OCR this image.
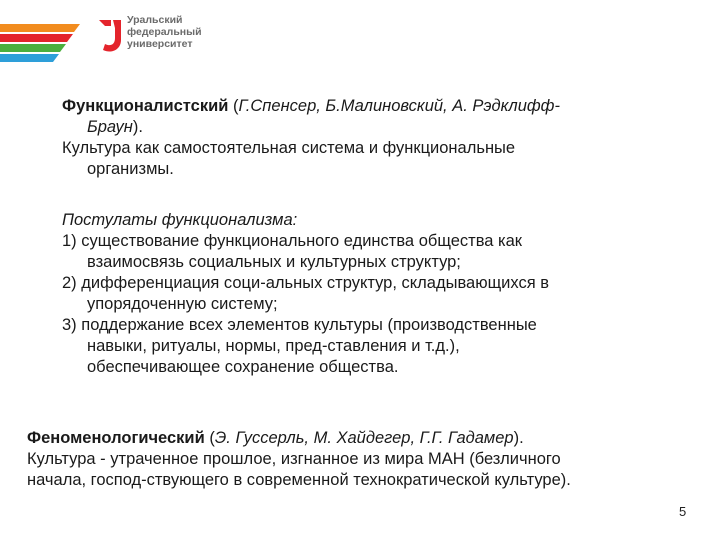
Уральский
федеральный
университет
Функционалистский (Г.Спенсер, Б.Малиновский, А. Рэдклифф-
Браун).
Культура как самостоятельная система и функциональные
организмы.
Постулаты функционализма:
1) существование функционального единства общества как
взаимосвязь социальных и культурных структур;
2) дифференциация соци-альных структур, складывающихся в
упорядоченную систему;
3) поддержание всех элементов культуры (производственные
навыки, ритуалы, нормы, пред-ставления и т.д.),
обеспечивающее сохранение общества.
Феноменологический (Э. Гуссерль, М. Хайдегер, Г.Г. Гадамер).
Культура - утраченное прошлое, изгнанное из мира МАН (безличного
начала, господ-ствующего в современной технократической культуре).
5
